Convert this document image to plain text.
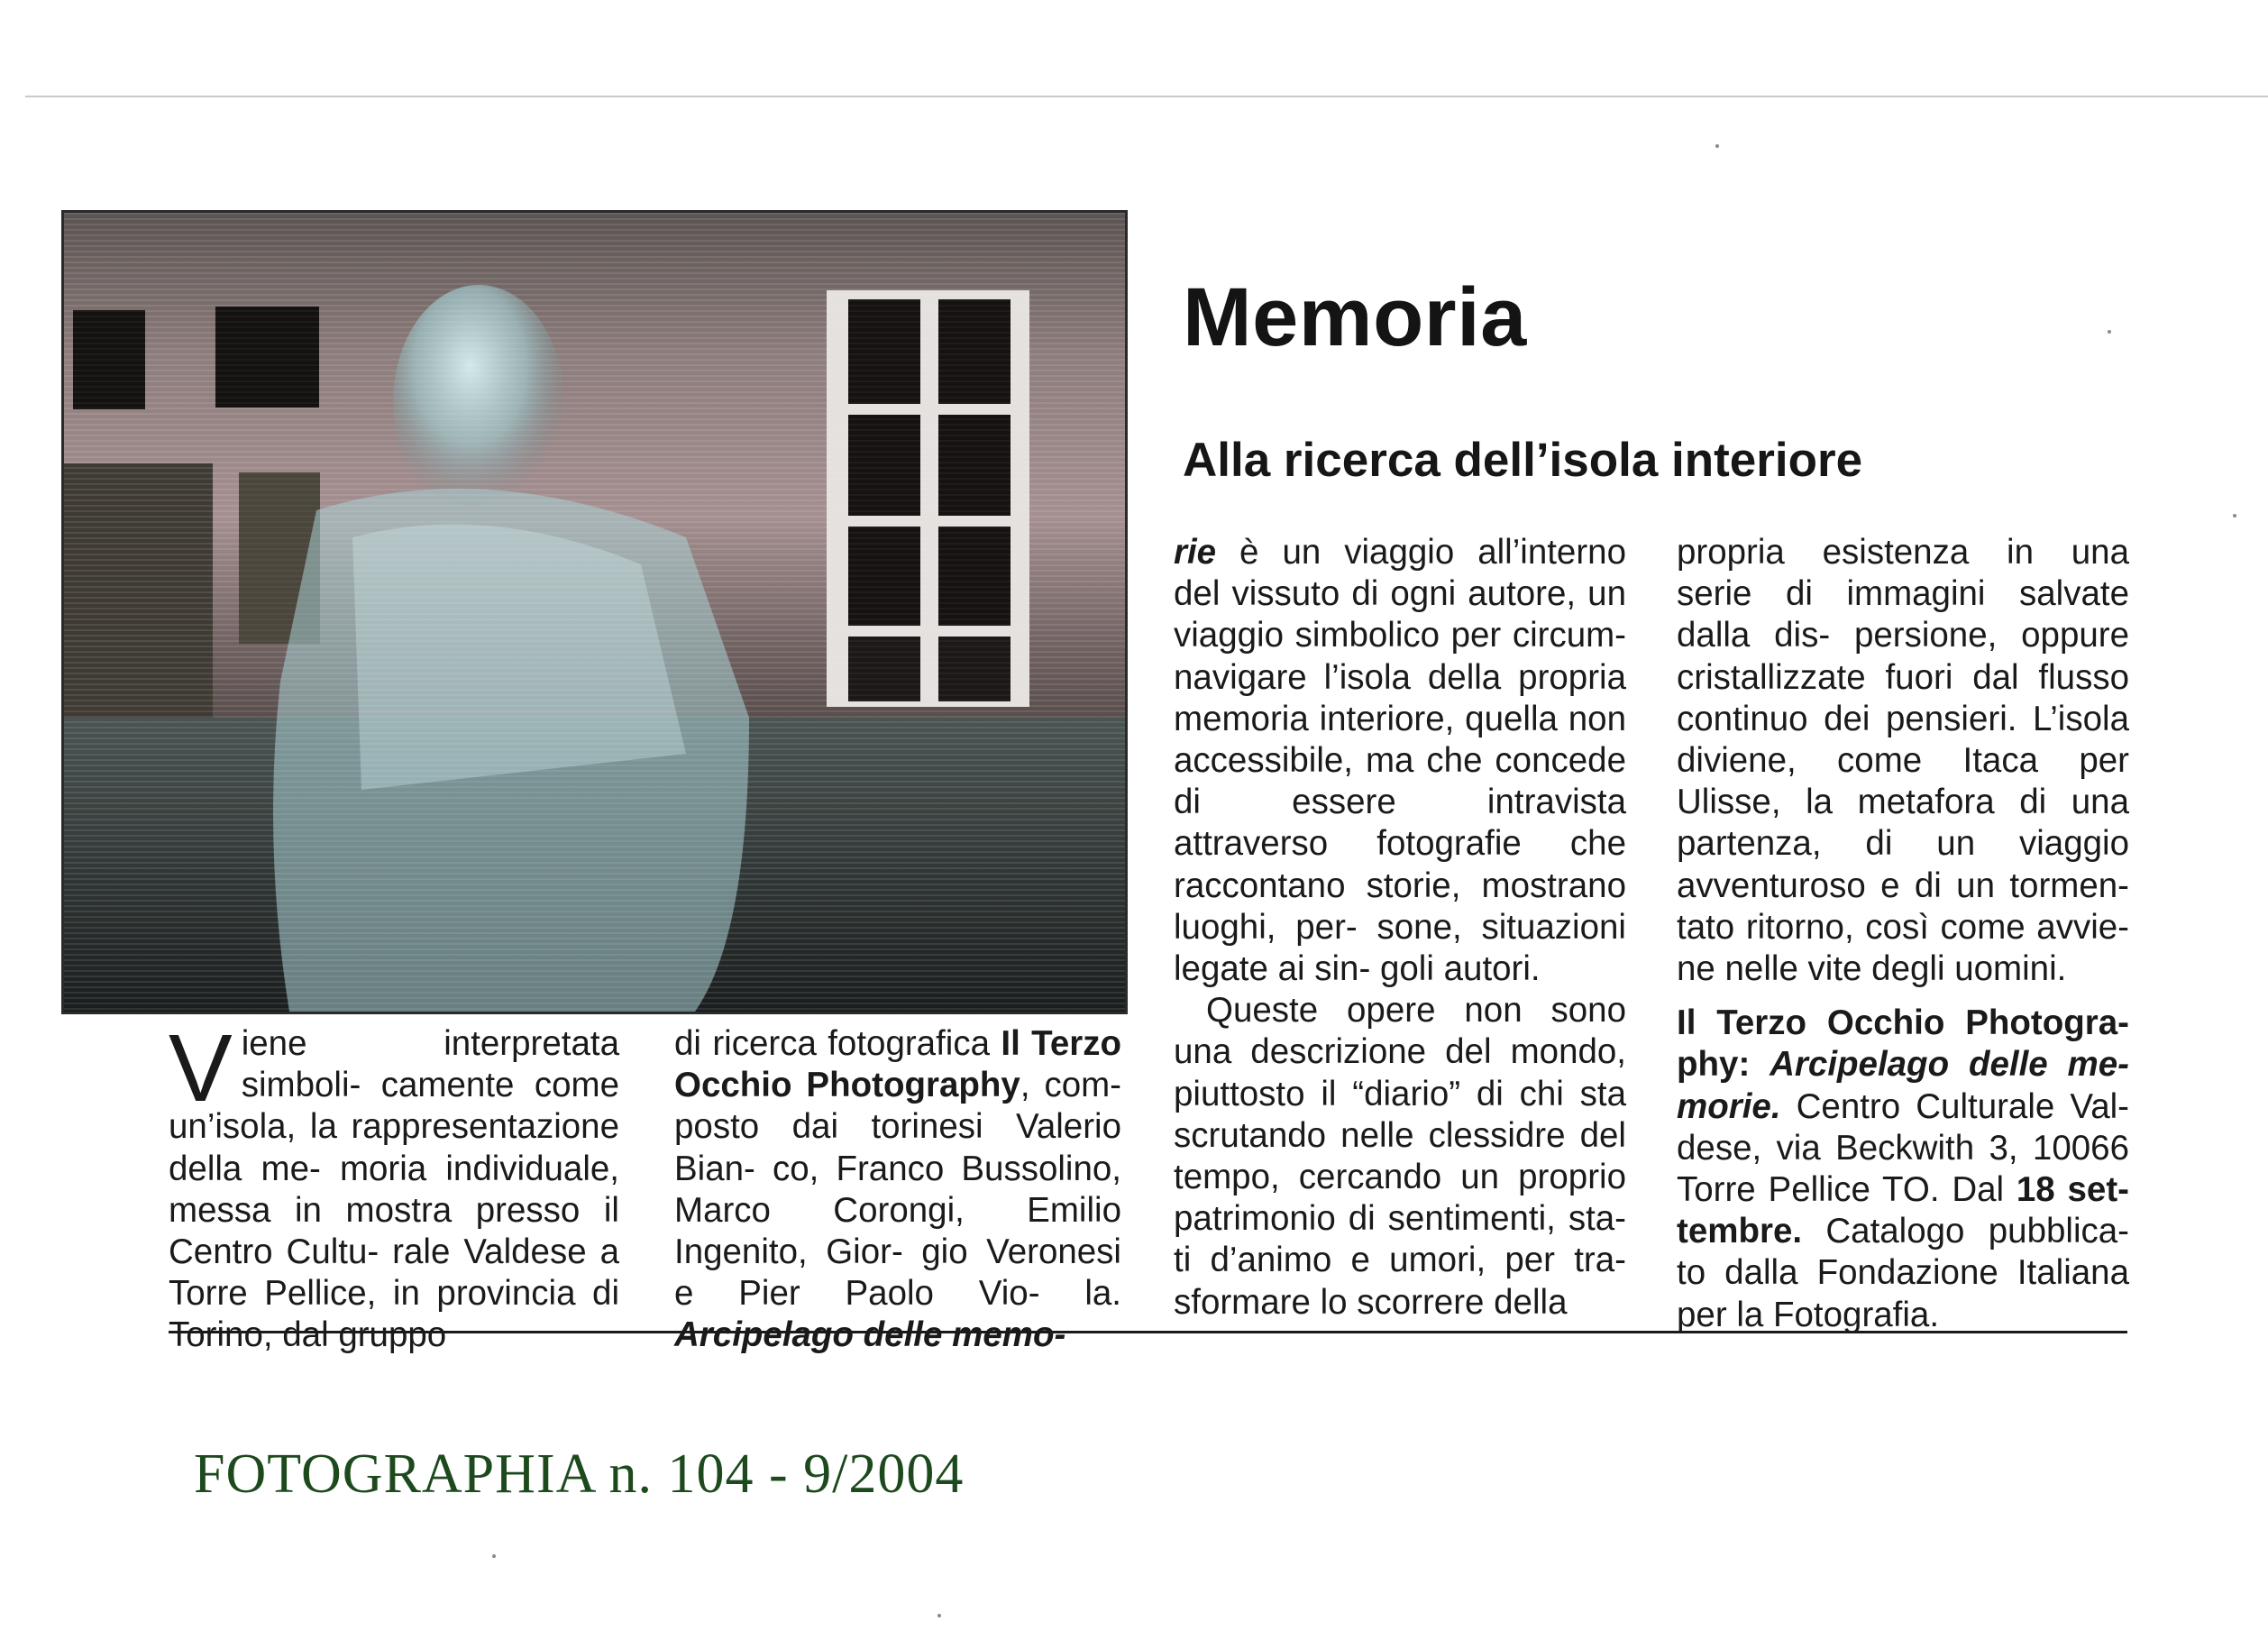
Memoria
Alla ricerca dell’isola interiore

Viene interpretata simboli- camente come un’isola, la rappresentazione della me- moria individuale, messa in mostra presso il Centro Cultu- rale Valdese a Torre Pellice, in provincia di Torino, dal gruppo

di ricerca fotografica Il Terzo Occhio Photography, com- posto dai torinesi Valerio Bian- co, Franco Bussolino, Marco Corongi, Emilio Ingenito, Gior- gio Veronesi e Pier Paolo Vio- la. Arcipelago delle memo-

rie è un viaggio all’interno del vissuto di ogni autore, un viaggio simbolico per circum- navigare l’isola della propria memoria interiore, quella non accessibile, ma che concede di essere intravista attraverso fotografie che raccontano storie, mostrano luoghi, per- sone, situazioni legate ai sin- goli autori.

Queste opere non sono una descrizione del mondo, piuttosto il “diario” di chi sta scrutando nelle clessidre del tempo, cercando un proprio patrimonio di sentimenti, sta- ti d’animo e umori, per tra- sformare lo scorrere della

propria esistenza in una serie di immagini salvate dalla dis- persione, oppure cristallizzate fuori dal flusso continuo dei pensieri. L’isola diviene, come Itaca per Ulisse, la metafora di una partenza, di un viaggio avventuroso e di un tormen- tato ritorno, così come avvie- ne nelle vite degli uomini.

Il Terzo Occhio Photogra- phy: Arcipelago delle me- morie. Centro Culturale Val- dese, via Beckwith 3, 10066 Torre Pellice TO. Dal 18 set- tembre. Catalogo pubblica- to dalla Fondazione Italiana per la Fotografia.

FOTOGRAPHIA n. 104 - 9/2004
